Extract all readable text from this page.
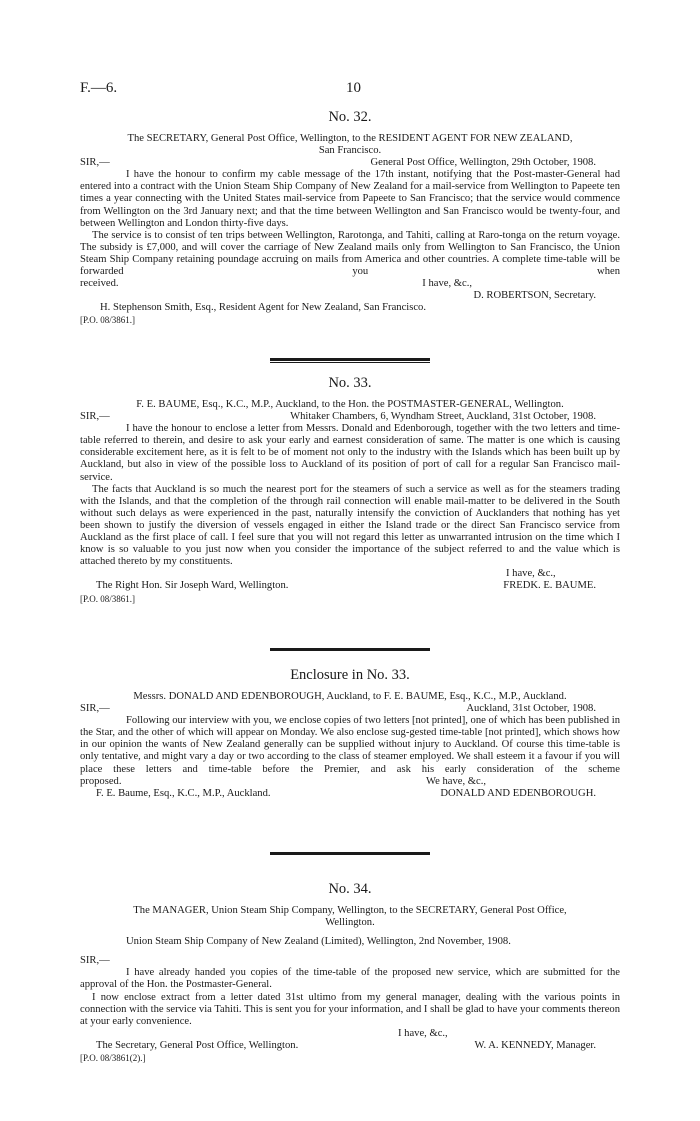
F.—6.	10

No. 32.

The SECRETARY, General Post Office, Wellington, to the RESIDENT AGENT FOR NEW ZEALAND,

San Francisco.

SIR,—	General Post Office, Wellington, 29th October, 1908.

I have the honour to confirm my cable message of the 17th instant, notifying that the Post-master-General had entered into a contract with the Union Steam Ship Company of New Zealand for a mail-service from Wellington to Papeete ten times a year connecting with the United States mail-service from Papeete to San Francisco; that the service would commence from Wellington on the 3rd January next; and that the time between Wellington and San Francisco would be twenty-four, and between Wellington and London thirty-five days.

The service is to consist of ten trips between Wellington, Rarotonga, and Tahiti, calling at Raro-tonga on the return voyage. The subsidy is £7,000, and will cover the carriage of New Zealand mails only from Wellington to San Francisco, the Union Steam Ship Company retaining poundage accruing on mails from America and other countries. A complete time-table will be forwarded you when

received.	I have, &c.,

D. ROBERTSON, Secretary.

H. Stephenson Smith, Esq., Resident Agent for New Zealand, San Francisco.

[P.O. 08/3861.]

No. 33.

F. E. BAUME, Esq., K.C., M.P., Auckland, to the Hon. the POSTMASTER-GENERAL, Wellington.

SIR,—	Whitaker Chambers, 6, Wyndham Street, Auckland, 31st October, 1908.

I have the honour to enclose a letter from Messrs. Donald and Edenborough, together with the two letters and time-table referred to therein, and desire to ask your early and earnest consideration of same. The matter is one which is causing considerable excitement here, as it is felt to be of moment not only to the industry with the Islands which has been built up by Auckland, but also in view of the possible loss to Auckland of its position of port of call for a regular San Francisco mail-service.

The facts that Auckland is so much the nearest port for the steamers of such a service as well as for the steamers trading with the Islands, and that the completion of the through rail connection will enable mail-matter to be delivered in the South without such delays as were experienced in the past, naturally intensify the conviction of Aucklanders that nothing has yet been shown to justify the diversion of vessels engaged in either the Island trade or the direct San Francisco service from Auckland as the first place of call. I feel sure that you will not regard this letter as unwarranted intrusion on the time which I know is so valuable to you just now when you consider the importance of the subject referred to and the value which is attached thereto by my constituents.

I have, &c.,

The Right Hon. Sir Joseph Ward, Wellington.	FREDK. E. BAUME.

[P.O. 08/3861.]

Enclosure in No. 33.

Messrs. DONALD AND EDENBOROUGH, Auckland, to F. E. BAUME, Esq., K.C., M.P., Auckland.

SIR,—	Auckland, 31st October, 1908.

Following our interview with you, we enclose copies of two letters [not printed], one of which has been published in the Star, and the other of which will appear on Monday. We also enclose sug-gested time-table [not printed], which shows how in our opinion the wants of New Zealand generally can be supplied without injury to Auckland. Of course this time-table is only tentative, and might vary a day or two according to the class of steamer employed. We shall esteem it a favour if you will place these letters and time-table before the Premier, and ask his early consideration of the scheme

proposed.	We have, &c.,
F. E. Baume, Esq., K.C., M.P., Auckland.	DONALD AND EDENBOROUGH.

No. 34.

The MANAGER, Union Steam Ship Company, Wellington, to the SECRETARY, General Post Office,

Wellington.

Union Steam Ship Company of New Zealand (Limited), Wellington, 2nd November, 1908.

SIR,—

I have already handed you copies of the time-table of the proposed new service, which are submitted for the approval of the Hon. the Postmaster-General.

I now enclose extract from a letter dated 31st ultimo from my general manager, dealing with the various points in connection with the service via Tahiti. This is sent you for your information, and I shall be glad to have your comments thereon at your early convenience.

I have, &c.,

The Secretary, General Post Office, Wellington.	W. A. KENNEDY, Manager.

[P.O. 08/3861(2).]
